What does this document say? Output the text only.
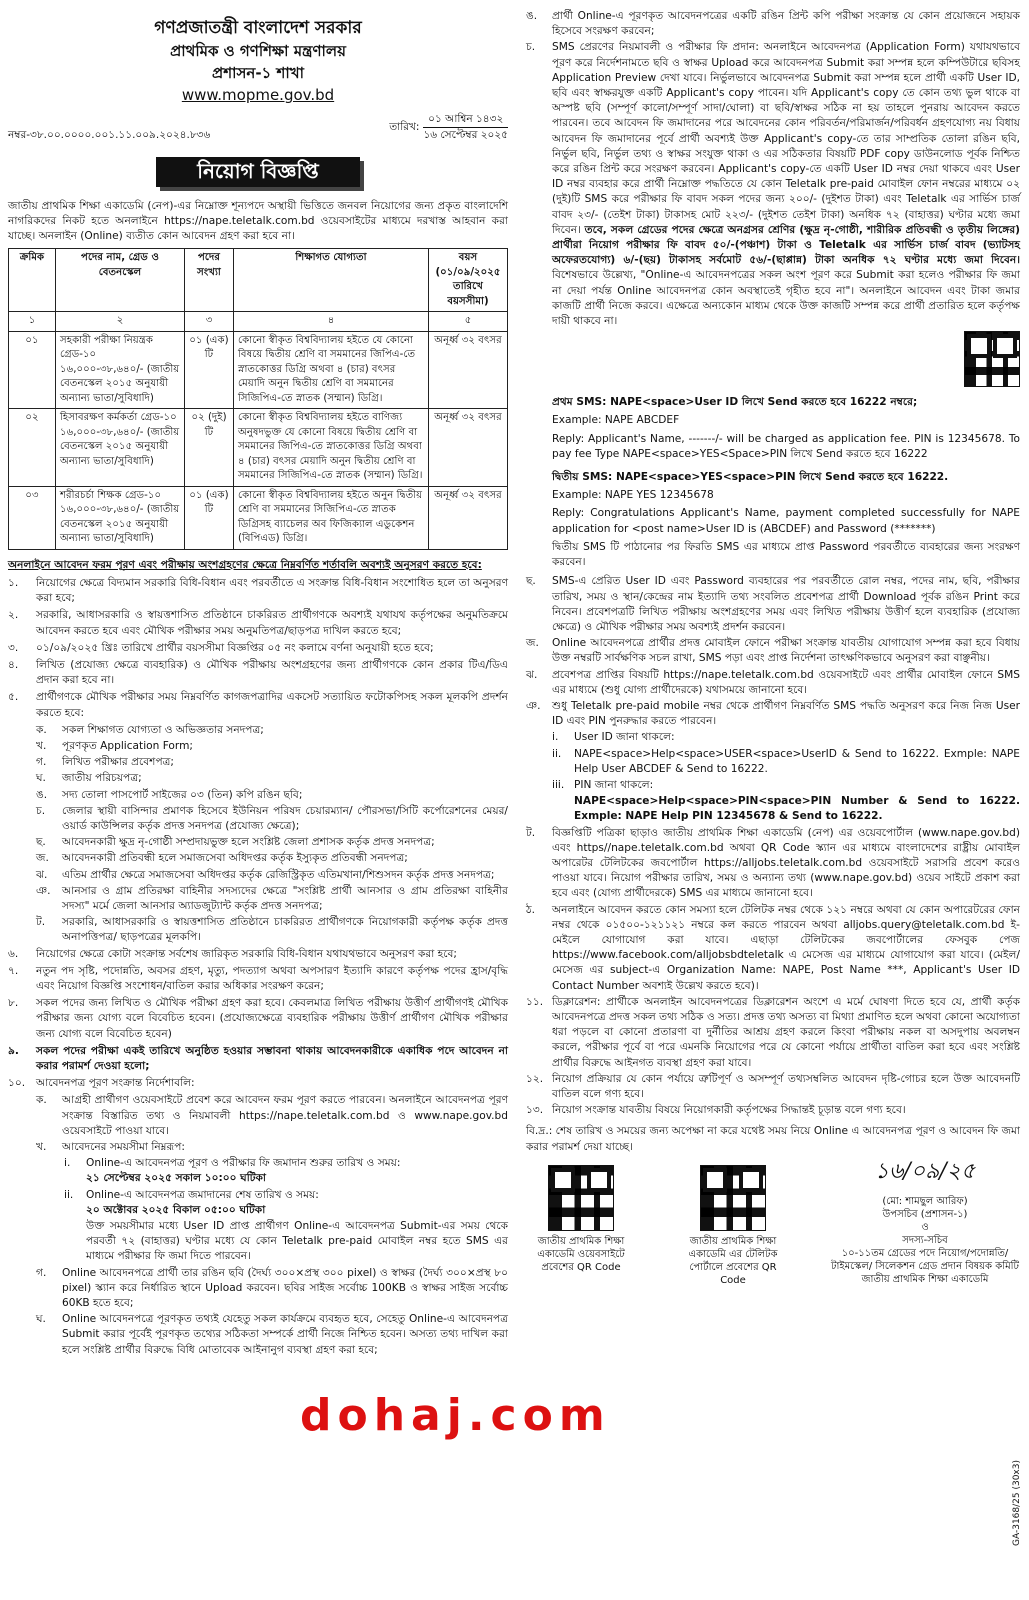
গণপ্রজাতন্ত্রী বাংলাদেশ সরকার
প্রাথমিক ও গণশিক্ষা মন্ত্রণালয়
প্রশাসন-১ শাখা
www.mopme.gov.bd
নম্বর-৩৮.০০.০০০০.০০১.১১.০০৯.২০২৪.৮৩৬
তারিখ:
০১ আশ্বিন ১৪৩২
১৬ সেপ্টেম্বর ২০২৫
নিয়োগ বিজ্ঞপ্তি

জাতীয় প্রাথমিক শিক্ষা একাডেমি (নেপ)-এর নিম্নোক্ত শূন্যপদে অস্থায়ী ভিত্তিতে জনবল নিয়োগের জন্য প্রকৃত বাংলাদেশি নাগরিকদের নিকট হতে অনলাইনে https://nape.teletalk.com.bd ওয়েবসাইটের মাধ্যমে দরখাস্ত আহবান করা যাচ্ছে। অনলাইন (Online) ব্যতীত কোন আবেদন গ্রহণ করা হবে না।

ক্রমিক	পদের নাম, গ্রেড ও বেতনস্কেল	পদের সংখ্যা	শিক্ষাগত যোগ্যতা	বয়স (০১/০৯/২০২৫ তারিখে বয়সসীমা)
১	২	৩	৪	৫
০১	সহকারী পরীক্ষা নিয়ন্ত্রক গ্রেড-১০ ১৬,০০০-৩৮,৬৪০/- (জাতীয় বেতনস্কেল ২০১৫ অনুযায়ী অন্যান্য ভাতা/সুবিধাদি)	০১ (এক) টি	কোনো স্বীকৃত বিশ্ববিদ্যালয় হইতে যে কোনো বিষয়ে দ্বিতীয় শ্রেণি বা সমমানের জিপিএ-তে স্নাতকোত্তর ডিগ্রি অথবা ৪ (চার) বৎসর মেয়াদি অনুন দ্বিতীয় শ্রেণি বা সমমানের সিজিপিএ-তে স্নাতক (সম্মান) ডিগ্রি।	অনূর্ধ্ব ৩২ বৎসর
০২	হিসাবরক্ষণ কর্মকর্তা গ্রেড-১০ ১৬,০০০-৩৮,৬৪০/- (জাতীয় বেতনস্কেল ২০১৫ অনুযায়ী অন্যান্য ভাতা/সুবিধাদি)	০২ (দুই) টি	কোনো স্বীকৃত বিশ্ববিদ্যালয় হইতে বাণিজ্য অনুষদভুক্ত যে কোনো বিষয়ে দ্বিতীয় শ্রেণি বা সমমানের জিপিএ-তে স্নাতকোত্তর ডিগ্রি অথবা ৪ (চার) বৎসর মেয়াদি অনুন দ্বিতীয় শ্রেণি বা সমমানের সিজিপিএ-তে স্নাতক (সম্মান) ডিগ্রি।	অনূর্ধ্ব ৩২ বৎসর
০৩	শরীরচর্চা শিক্ষক গ্রেড-১০ ১৬,০০০-৩৮,৬৪০/- (জাতীয় বেতনস্কেল ২০১৫ অনুযায়ী অন্যান্য ভাতা/সুবিধাদি)	০১ (এক) টি	কোনো স্বীকৃত বিশ্ববিদ্যালয় হইতে অনুন দ্বিতীয় শ্রেণি বা সমমানের সিজিপিএ-তে স্নাতক ডিগ্রিসহ ব্যাচেলর অব ফিজিক্যাল এডুকেশন (বিপিএড) ডিগ্রি।	অনূর্ধ্ব ৩২ বৎসর

অনলাইনে আবেদন ফরম পূরণ এবং পরীক্ষায় অংশগ্রহণের ক্ষেত্রে নিম্নবর্ণিত শর্তাবলি অবশ্যই অনুসরণ করতে হবে:

১.	নিয়োগের ক্ষেত্রে বিদ্যমান সরকারি বিধি-বিধান এবং পরবর্তীতে এ সংক্রান্ত বিধি-বিধান সংশোধিত হলে তা অনুসরণ করা হবে;
২.	সরকারি, আধাসরকারি ও স্বায়ত্তশাসিত প্রতিষ্ঠানে চাকরিরত প্রার্থীগণকে অবশ্যই যথাযথ কর্তৃপক্ষের অনুমতিক্রমে আবেদন করতে হবে এবং মৌখিক পরীক্ষার সময় অনুমতিপত্র/ছাড়পত্র দাখিল করতে হবে;
৩.	০১/০৯/২০২৫ খ্রিঃ তারিখে প্রার্থীর বয়সসীমা বিজ্ঞপ্তির ০৫ নং কলামে বর্ণনা অনুযায়ী হতে হবে;
৪.	লিখিত (প্রযোজ্য ক্ষেত্রে ব্যবহারিক) ও মৌখিক পরীক্ষায় অংশগ্রহণের জন্য প্রার্থীগণকে কোন প্রকার টিএ/ডিএ প্রদান করা হবে না।
৫.	প্রার্থীগণকে মৌখিক পরীক্ষার সময় নিম্নবর্ণিত কাগজপত্রাদির একসেট সত্যায়িত ফটোকপিসহ সকল মূলকপি প্রদর্শন করতে হবে:
ক.	সকল শিক্ষাগত যোগ্যতা ও অভিজ্ঞতার সনদপত্র;
খ.	পূরণকৃত Application Form;
গ.	লিখিত পরীক্ষার প্রবেশপত্র;
ঘ.	জাতীয় পরিচয়পত্র;
ঙ.	সদ্য তোলা পাসপোর্ট সাইজের ০৩ (তিন) কপি রঙিন ছবি;
চ.	জেলার স্থায়ী বাসিন্দার প্রমাণক হিসেবে ইউনিয়ন পরিষদ চেয়ারম্যান/ পৌরসভা/সিটি কর্পোরেশনের মেয়র/ ওয়ার্ড কাউন্সিলর কর্তৃক প্রদত্ত সনদপত্র (প্রযোজ্য ক্ষেত্রে);
ছ.	আবেদনকারী ক্ষুদ্র নৃ-গোষ্ঠী সম্প্রদায়ভুক্ত হলে সংশ্লিষ্ট জেলা প্রশাসক কর্তৃক প্রদত্ত সনদপত্র;
জ.	আবেদনকারী প্রতিবন্ধী হলে সমাজসেবা অধিদপ্তর কর্তৃক ইস্যুকৃত প্রতিবন্ধী সনদপত্র;
ঝ.	এতিম প্রার্থীর ক্ষেত্রে সমাজসেবা অধিদপ্তর কর্তৃক রেজিস্ট্রিকৃত এতিমখানা/শিশুসদন কর্তৃক প্রদত্ত সনদপত্র;
ঞ.	আনসার ও গ্রাম প্রতিরক্ষা বাহিনীর সদস্যদের ক্ষেত্রে "সংশ্লিষ্ট প্রার্থী আনসার ও গ্রাম প্রতিরক্ষা বাহিনীর সদস্য" মর্মে জেলা আনসার অ্যাডজুট্যান্ট কর্তৃক প্রদত্ত সনদপত্র;
ট.	সরকারি, আধাসরকারি ও স্বায়ত্তশাসিত প্রতিষ্ঠানে চাকরিরত প্রার্থীগণকে নিয়োগকারী কর্তৃপক্ষ কর্তৃক প্রদত্ত অনাপত্তিপত্র/ ছাড়পত্রের মূলকপি।
৬.	নিয়োগের ক্ষেত্রে কোটা সংক্রান্ত সর্বশেষ জারিকৃত সরকারি বিধি-বিধান যথাযথভাবে অনুসরণ করা হবে;
৭.	নতুন পদ সৃষ্টি, পদোন্নতি, অবসর গ্রহণ, মৃত্যু, পদত্যাগ অথবা অপসারণ ইত্যাদি কারণে কর্তৃপক্ষ পদের হ্রাস/বৃদ্ধি এবং নিয়োগ বিজ্ঞপ্তি সংশোধন/বাতিল করার অধিকার সংরক্ষণ করেন;
৮.	সকল পদের জন্য লিখিত ও মৌখিক পরীক্ষা গ্রহণ করা হবে। কেবলমাত্র লিখিত পরীক্ষায় উত্তীর্ণ প্রার্থীগণই মৌখিক পরীক্ষার জন্য যোগ্য বলে বিবেচিত হবেন। (প্রযোজ্যক্ষেত্রে ব্যবহারিক পরীক্ষায় উত্তীর্ণ প্রার্থীগণ মৌখিক পরীক্ষার জন্য যোগ্য বলে বিবেচিত হবেন)
৯.	সকল পদের পরীক্ষা একই তারিখে অনুষ্ঠিত হওয়ার সম্ভাবনা থাকায় আবেদনকারীকে একাধিক পদে আবেদন না করার পরামর্শ দেওয়া হলো;
১০.	আবেদনপত্র পূরণ সংক্রান্ত নির্দেশাবলি:
ক.	আগ্রহী প্রার্থীগণ ওয়েবসাইটে প্রবেশ করে আবেদন ফরম পূরণ করতে পারবেন। অনলাইনে আবেদনপত্র পূরণ সংক্রান্ত বিস্তারিত তথ্য ও নিয়মাবলী https://nape.teletalk.com.bd ও www.nape.gov.bd ওয়েবসাইটে পাওয়া যাবে।
খ.	আবেদনের সময়সীমা নিম্নরূপ:
i.	Online-এ আবেদনপত্র পূরণ ও পরীক্ষার ফি জমাদান শুরুর তারিখ ও সময়:
২১ সেপ্টেম্বর ২০২৫ সকাল ১০:০০ ঘটিকা
ii.	Online-এ আবেদনপত্র জমাদানের শেষ তারিখ ও সময়:
২০ অক্টোবর ২০২৫ বিকাল ০৫:০০ ঘটিকা
উক্ত সময়সীমার মধ্যে User ID প্রাপ্ত প্রার্থীগণ Online-এ আবেদনপত্র Submit-এর সময় থেকে পরবর্তী ৭২ (বাহাত্তর) ঘণ্টার মধ্যে যে কোন Teletalk pre-paid মোবাইল নম্বর হতে SMS এর মাধ্যমে পরীক্ষার ফি জমা দিতে পারবেন।
গ.	Online আবেদনপত্রে প্রার্থী তার রঙিন ছবি (দৈর্ঘ্য ৩০০×প্রস্থ ৩০০ pixel) ও স্বাক্ষর (দৈর্ঘ্য ৩০০×প্রস্থ ৮০ pixel) স্ক্যান করে নির্ধারিত স্থানে Upload করবেন। ছবির সাইজ সর্বোচ্চ 100KB ও স্বাক্ষর সাইজ সর্বোচ্চ 60KB হতে হবে;
ঘ.	Online আবেদনপত্রে পূরণকৃত তথ্যই যেহেতু সকল কার্যক্রমে ব্যবহৃত হবে, সেহেতু Online-এ আবেদনপত্র Submit করার পূর্বেই পূরণকৃত তথ্যের সঠিকতা সম্পর্কে প্রার্থী নিজে নিশ্চিত হবেন। অসত্য তথ্য দাখিল করা হলে সংশ্লিষ্ট প্রার্থীর বিরুদ্ধে বিধি মোতাবেক আইনানুগ ব্যবস্থা গ্রহণ করা হবে;
ঙ.	প্রার্থী Online-এ পূরণকৃত আবেদনপত্রের একটি রঙিন প্রিন্ট কপি পরীক্ষা সংক্রান্ত যে কোন প্রয়োজনে সহায়ক হিসেবে সংরক্ষণ করবেন;
চ.	SMS প্রেরণের নিয়মাবলী ও পরীক্ষার ফি প্রদান: অনলাইনে আবেদনপত্র (Application Form) যথাযথভাবে পূরণ করে নির্দেশনামতে ছবি ও স্বাক্ষর Upload করে আবেদনপত্র Submit করা সম্পন্ন হলে কম্পিউটারে ছবিসহ Application Preview দেখা যাবে। নির্ভুলভাবে আবেদনপত্র Submit করা সম্পন্ন হলে প্রার্থী একটি User ID, ছবি এবং স্বাক্ষরযুক্ত একটি Applicant's copy পাবেন। যদি Applicant's copy তে কোন তথ্য ভুল থাকে বা অস্পষ্ট ছবি (সম্পূর্ণ কালো/সম্পূর্ণ সাদা/ঘোলা) বা ছবি/স্বাক্ষর সঠিক না হয় তাহলে পুনরায় আবেদন করতে পারবেন। তবে আবেদন ফি জমাদানের পরে আবেদনের কোন পরিবর্তন/পরিমার্জন/পরিবর্ধন গ্রহণযোগ্য নয় বিধায় আবেদন ফি জমাদানের পূর্বে প্রার্থী অবশ্যই উক্ত Applicant's copy-তে তার সাম্প্রতিক তোলা রঙিন ছবি, নির্ভুল ছবি, নির্ভুল তথ্য ও স্বাক্ষর সংযুক্ত থাকা ও এর সঠিকতার বিষয়টি PDF copy ডাউনলোড পূর্বক নিশ্চিত করে রঙিন প্রিন্ট করে সংরক্ষণ করবেন। Applicant's copy-তে একটি User ID নম্বর দেয়া থাকবে এবং User ID নম্বর ব্যবহার করে প্রার্থী নিম্নোক্ত পদ্ধতিতে যে কোন Teletalk pre-paid মোবাইল ফোন নম্বরের মাধ্যমে ০২ (দুই)টি SMS করে পরীক্ষার ফি বাবদ সকল পদের জন্য ২০০/- (দুইশত টাকা) এবং Teletalk এর সার্ভিস চার্জ বাবদ ২৩/- (তেইশ টাকা) টাকাসহ মোট ২২৩/- (দুইশত তেইশ টাকা) অনধিক ৭২ (বাহাত্তর) ঘণ্টার মধ্যে জমা দিবেন। তবে, সকল গ্রেডের পদের ক্ষেত্রে অনগ্রসর শ্রেণির (ক্ষুদ্র নৃ-গোষ্ঠী, শারীরিক প্রতিবন্ধী ও তৃতীয় লিঙ্গের) প্রার্থীরা নিয়োগ পরীক্ষার ফি বাবদ ৫০/-(পঞ্চাশ) টাকা ও Teletalk এর সার্ভিস চার্জ বাবদ (ভ্যাটসহ অফেরতযোগ্য) ৬/-(ছয়) টাকাসহ সর্বমোট ৫৬/-(ছাপ্পান্ন) টাকা অনধিক ৭২ ঘণ্টার মধ্যে জমা দিবেন। বিশেষভাবে উল্লেখ্য, "Online-এ আবেদনপত্রের সকল অংশ পূরণ করে Submit করা হলেও পরীক্ষার ফি জমা না দেয়া পর্যন্ত Online আবেদনপত্র কোন অবস্থাতেই গৃহীত হবে না"। অনলাইনে আবেদন এবং টাকা জমার কাজটি প্রার্থী নিজে করবে। এক্ষেত্রে অন্যকোন মাধ্যম থেকে উক্ত কাজটি সম্পন্ন করে প্রার্থী প্রতারিত হলে কর্তৃপক্ষ দায়ী থাকবে না।

প্রথম SMS: NAPE<space>User ID লিখে Send করতে হবে 16222 নম্বরে;

Example: NAPE ABCDEF

Reply: Applicant's Name, -------/- will be charged as application fee. PIN is 12345678. To pay fee Type NAPE<space>YES<Space>PIN লিখে Send করতে হবে 16222

দ্বিতীয় SMS: NAPE<space>YES<space>PIN লিখে Send করতে হবে 16222.

Example: NAPE YES 12345678

Reply: Congratulations Applicant's Name, payment completed successfully for NAPE application for <post name>User ID is (ABCDEF) and Password (*******)

দ্বিতীয় SMS টি পাঠানোর পর ফিরতি SMS এর মাধ্যমে প্রাপ্ত Password পরবর্তীতে ব্যবহারের জন্য সংরক্ষণ করবেন।

ছ.	SMS-এ প্রেরিত User ID এবং Password ব্যবহারের পর পরবর্তীতে রোল নম্বর, পদের নাম, ছবি, পরীক্ষার তারিখ, সময় ও স্থান/কেন্দ্রের নাম ইত্যাদি তথ্য সংবলিত প্রবেশপত্র প্রার্থী Download পূর্বক রঙিন Print করে নিবেন। প্রবেশপত্রটি লিখিত পরীক্ষায় অংশগ্রহণের সময় এবং লিখিত পরীক্ষায় উত্তীর্ণ হলে ব্যবহারিক (প্রযোজ্য ক্ষেত্রে) ও মৌখিক পরীক্ষার সময় অবশ্যই প্রদর্শন করবেন।
জ.	Online আবেদনপত্রে প্রার্থীর প্রদত্ত মোবাইল ফোনে পরীক্ষা সংক্রান্ত যাবতীয় যোগাযোগ সম্পন্ন করা হবে বিধায় উক্ত নম্বরটি সার্বক্ষণিক সচল রাখা, SMS পড়া এবং প্রাপ্ত নির্দেশনা তাৎক্ষণিকভাবে অনুসরণ করা বাঞ্ছনীয়।
ঝ.	প্রবেশপত্র প্রাপ্তির বিষয়টি https://nape.teletalk.com.bd ওয়েবসাইটে এবং প্রার্থীর মোবাইল ফোনে SMS এর মাধ্যমে (শুধু যোগ্য প্রার্থীদেরকে) যথাসময়ে জানানো হবে।
ঞ.	শুধু Teletalk pre-paid mobile নম্বর থেকে প্রার্থীগণ নিম্নবর্ণিত SMS পদ্ধতি অনুসরণ করে নিজ নিজ User ID এবং PIN পুনরুদ্ধার করতে পারবেন।
i.	User ID জানা থাকলে:
ii.	NAPE<space>Help<space>USER<space>UserID & Send to 16222. Exmple: NAPE Help User ABCDEF & Send to 16222.
iii. PIN জানা থাকলে:
NAPE<space>Help<space>PIN<space>PIN Number & Send to 16222. Exmple: NAPE Help PIN 12345678 & Send to 16222.
ট.	বিজ্ঞপ্তিটি পত্রিকা ছাড়াও জাতীয় প্রাথমিক শিক্ষা একাডেমি (নেপ) এর ওয়েবপোর্টাল (www.nape.gov.bd) এবং https//nape.teletalk.com.bd অথবা QR Code স্ক্যান এর মাধ্যমে বাংলাদেশের রাষ্ট্রীয় মোবাইল অপারেটর টেলিটকের জবপোর্টাল https://alljobs.teletalk.com.bd ওয়েবসাইটে সরাসরি প্রবেশ করেও পাওয়া যাবে। নিয়োগ পরীক্ষার তারিখ, সময় ও অন্যান্য তথ্য (www.nape.gov.bd) ওয়েব সাইটে প্রকাশ করা হবে এবং (যোগ্য প্রার্থীদেরকে) SMS এর মাধ্যমে জানানো হবে।
ঠ.	অনলাইনে আবেদন করতে কোন সমস্যা হলে টেলিটক নম্বর থেকে ১২১ নম্বরে অথবা যে কোন অপারেটরের ফোন নম্বর থেকে ০১৫০০-১২১১২১ নম্বরে কল করতে পারবেন অথবা alljobs.query@teletalk.com.bd ই-মেইলে যোগাযোগ করা যাবে। এছাড়া টেলিটকের জবপোর্টালের ফেসবুক পেজ https://www.facebook.com/alljobsbdteletalk এ মেসেজ এর মাধ্যমে যোগাযোগ করা যাবে। (মেইল/মেসেজ এর subject-এ Organization Name: NAPE, Post Name ***, Applicant's User ID Contact Number অবশ্যই উল্লেখ করতে হবে)।
১১. ডিক্লারেশন: প্রার্থীকে অনলাইন আবেদনপত্রের ডিক্লারেশন অংশে এ মর্মে ঘোষণা দিতে হবে যে, প্রার্থী কর্তৃক আবেদনপত্রে প্রদত্ত সকল তথ্য সঠিক ও সত্য। প্রদত্ত তথ্য অসত্য বা মিথ্যা প্রমাণিত হলে অথবা কোনো অযোগ্যতা ধরা পড়লে বা কোনো প্রতারণা বা দুর্নীতির আশ্রয় গ্রহণ করলে কিংবা পরীক্ষায় নকল বা অসদুপায় অবলম্বন করলে, পরীক্ষার পূর্বে বা পরে এমনকি নিয়োগের পরে যে কোনো পর্যায়ে প্রার্থীতা বাতিল করা হবে এবং সংশ্লিষ্ট প্রার্থীর বিরুদ্ধে আইনগত ব্যবস্থা গ্রহণ করা যাবে।
১২. নিয়োগ প্রক্রিয়ার যে কোন পর্যায়ে ত্রুটিপূর্ণ ও অসম্পূর্ণ তথ্যসম্বলিত আবেদন দৃষ্টি-গোচর হলে উক্ত আবেদনটি বাতিল বলে গণ্য হবে।
১৩. নিয়োগ সংক্রান্ত যাবতীয় বিষয়ে নিয়োগকারী কর্তৃপক্ষের সিদ্ধান্তই চূড়ান্ত বলে গণ্য হবে।

বি.দ্র.: শেষ তারিখ ও সময়ের জন্য অপেক্ষা না করে যথেষ্ট সময় নিয়ে Online এ আবেদনপত্র পূরণ ও আবেদন ফি জমা করার পরামর্শ দেয়া যাচ্ছে।

জাতীয় প্রাথমিক শিক্ষা একাডেমি ওয়েবসাইটে প্রবেশের QR Code
জাতীয় প্রাথমিক শিক্ষা একাডেমি এর টেলিটক পোর্টালে প্রবেশের QR Code
১৬/০৯/২৫
(মো: শামছুল আরিফ)
উপসচিব (প্রশাসন-১)
ও
সদস্য-সচিব
১০-১১তম গ্রেডের পদে নিয়োগ/পদোন্নতি/টাইমস্কেল/ সিলেকশন গ্রেড প্রদান বিষয়ক কমিটি জাতীয় প্রাথমিক শিক্ষা একাডেমি
dohaj.com
GA-3168/25 (30x3)
